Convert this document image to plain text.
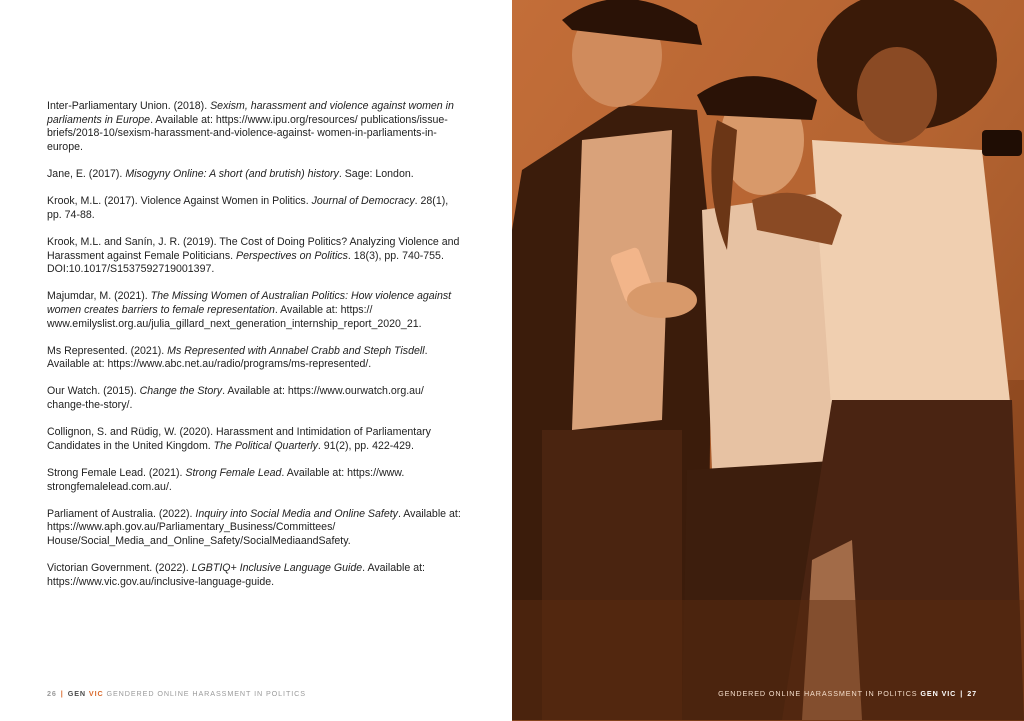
Inter-Parliamentary Union. (2018). Sexism, harassment and violence against women in parliaments in Europe. Available at: https://www.ipu.org/resources/ publications/issue-briefs/2018-10/sexism-harassment-and-violence-against- women-in-parliaments-in-europe.

Jane, E. (2017). Misogyny Online: A short (and brutish) history. Sage: London.

Krook, M.L. (2017). Violence Against Women in Politics. Journal of Democracy. 28(1), pp. 74-88.

Krook, M.L. and Sanín, J. R. (2019). The Cost of Doing Politics? Analyzing Violence and Harassment against Female Politicians. Perspectives on Politics. 18(3), pp. 740-755. DOI:10.1017/S1537592719001397.

Majumdar, M. (2021). The Missing Women of Australian Politics: How violence against women creates barriers to female representation. Available at: https:// www.emilyslist.org.au/julia_gillard_next_generation_internship_report_2020_21.

Ms Represented. (2021). Ms Represented with Annabel Crabb and Steph Tisdell. Available at: https://www.abc.net.au/radio/programs/ms-represented/.

Our Watch. (2015). Change the Story. Available at: https://www.ourwatch.org.au/ change-the-story/.

Collignon, S. and Rüdig, W. (2020). Harassment and Intimidation of Parliamentary Candidates in the United Kingdom. The Political Quarterly. 91(2), pp. 422-429.

Strong Female Lead. (2021). Strong Female Lead. Available at: https://www. strongfemalelead.com.au/.

Parliament of Australia. (2022). Inquiry into Social Media and Online Safety. Available at: https://www.aph.gov.au/Parliamentary_Business/Committees/ House/Social_Media_and_Online_Safety/SocialMediaandSafety.

Victorian Government. (2022). LGBTIQ+ Inclusive Language Guide. Available at: https://www.vic.gov.au/inclusive-language-guide.

26 | GEN VIC GENDERED ONLINE HARASSMENT IN POLITICS	GENDERED ONLINE HARASSMENT IN POLITICS GEN VIC | 27
